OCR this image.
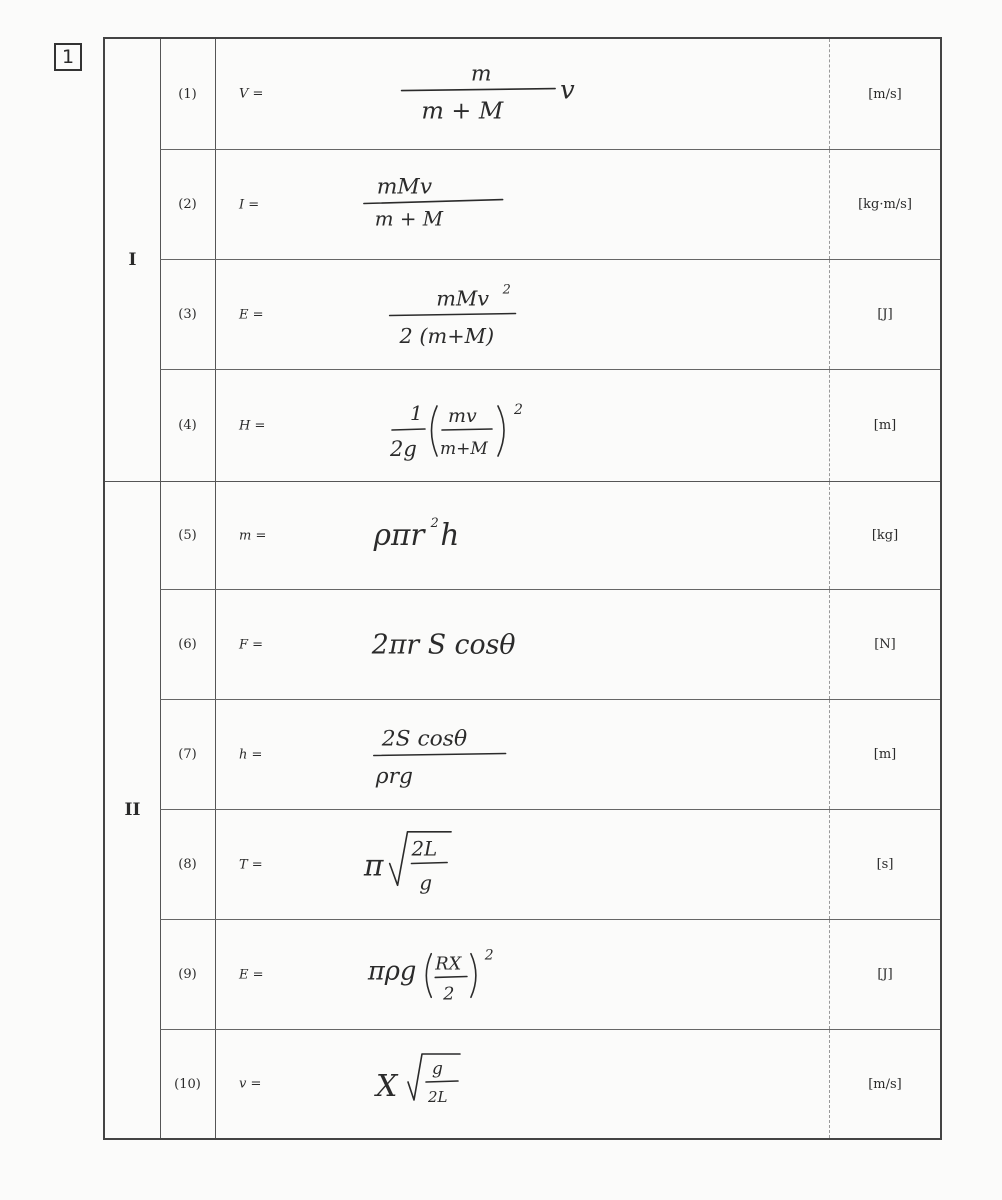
1
I
(1)	V =
m
m + M
v	[m/s]
(2)	I =
mMv
m + M
[kg·m/s]
(3)	E =
mMv 2
2 (m+M)
[J]
(4)	H =
1
2g
mv
m+M
2
[m]
II
(5)	m =	ρπr 2 h	[kg]
(6)	F =	2πr S cosθ	[N]
(7)	h =
2S cosθ
ρrg
[m]
(8)	T =	π 2L
g
[s]
(9)	E =	πρg RX
2
2
[J]
(10)	v =	X g
2L
[m/s]
